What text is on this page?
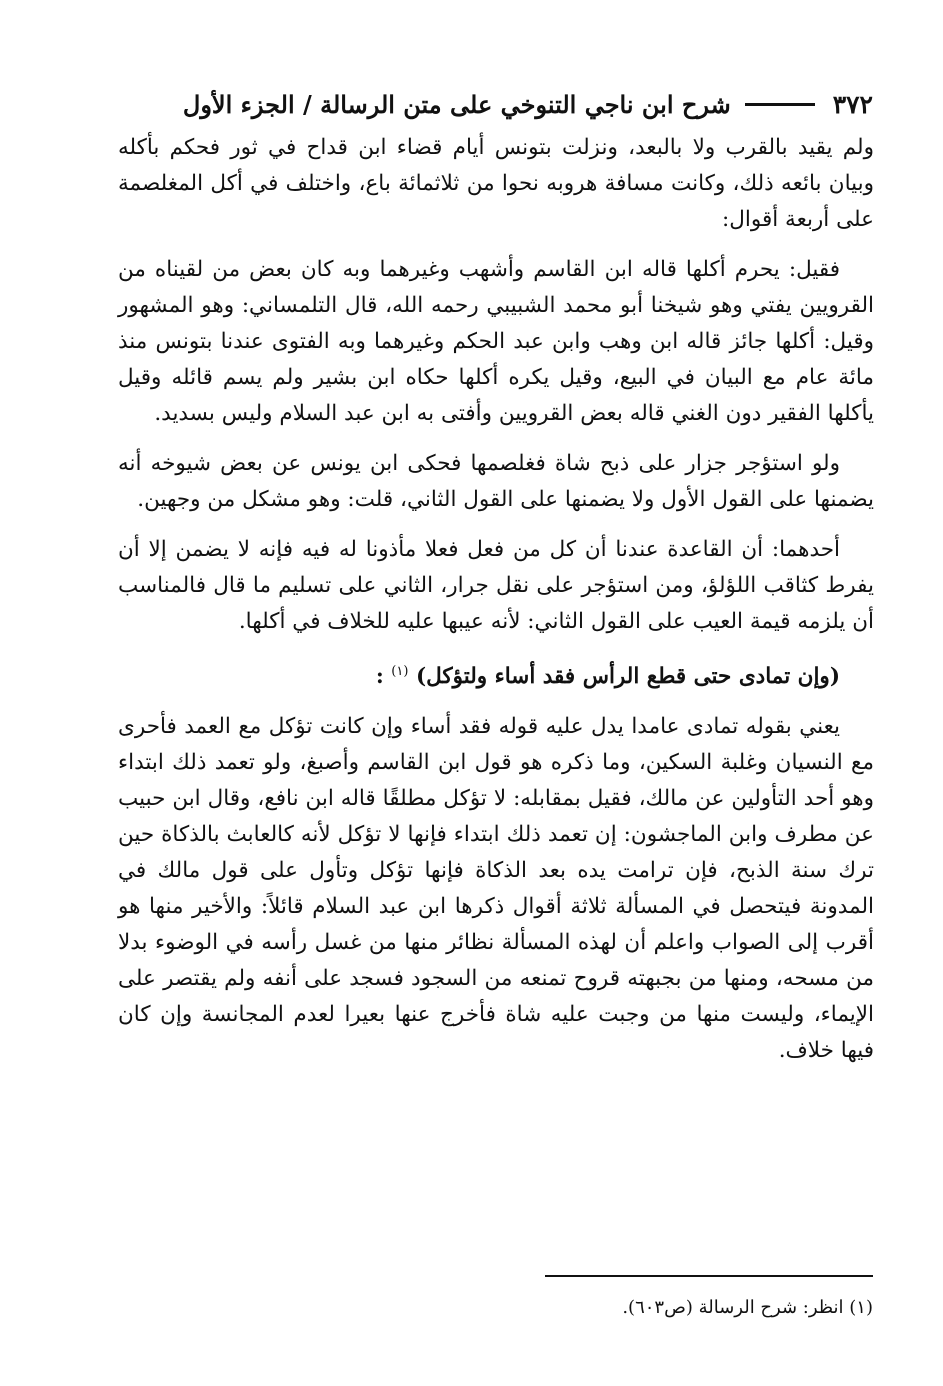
٣٧٢
شرح ابن ناجي التنوخي على متن الرسالة / الجزء الأول

ولم يقيد بالقرب ولا بالبعد، ونزلت بتونس أيام قضاء ابن قداح في ثور فحكم بأكله وبيان بائعه ذلك، وكانت مسافة هروبه نحوا من ثلاثمائة باع، واختلف في أكل المغلصمة على أربعة أقوال:

فقيل: يحرم أكلها قاله ابن القاسم وأشهب وغيرهما وبه كان بعض من لقيناه من القرويين يفتي وهو شيخنا أبو محمد الشبيبي رحمه الله، قال التلمساني: وهو المشهور وقيل: أكلها جائز قاله ابن وهب وابن عبد الحكم وغيرهما وبه الفتوى عندنا بتونس منذ مائة عام مع البيان في البيع، وقيل يكره أكلها حكاه ابن بشير ولم يسم قائله وقيل يأكلها الفقير دون الغني قاله بعض القرويين وأفتى به ابن عبد السلام وليس بسديد.

ولو استؤجر جزار على ذبح شاة فغلصمها فحكى ابن يونس عن بعض شيوخه أنه يضمنها على القول الأول ولا يضمنها على القول الثاني، قلت: وهو مشكل من وجهين.

أحدهما: أن القاعدة عندنا أن كل من فعل فعلا مأذونا له فيه فإنه لا يضمن إلا أن يفرط كثاقب اللؤلؤ، ومن استؤجر على نقل جرار، الثاني على تسليم ما قال فالمناسب أن يلزمه قيمة العيب على القول الثاني: لأنه عيبها عليه للخلاف في أكلها.

(وإن تمادى حتى قطع الرأس فقد أساء ولتؤكل) $^{(١)}$ :

يعني بقوله تمادى عامدا يدل عليه قوله فقد أساء وإن كانت تؤكل مع العمد فأحرى مع النسيان وغلبة السكين، وما ذكره هو قول ابن القاسم وأصبغ، ولو تعمد ذلك ابتداء وهو أحد التأولين عن مالك، فقيل بمقابله: لا تؤكل مطلقًا قاله ابن نافع، وقال ابن حبيب عن مطرف وابن الماجشون: إن تعمد ذلك ابتداء فإنها لا تؤكل لأنه كالعابث بالذكاة حين ترك سنة الذبح، فإن ترامت يده بعد الذكاة فإنها تؤكل وتأول على قول مالك في المدونة فيتحصل في المسألة ثلاثة أقوال ذكرها ابن عبد السلام قائلاً: والأخير منها هو أقرب إلى الصواب واعلم أن لهذه المسألة نظائر منها من غسل رأسه في الوضوء بدلا من مسحه، ومنها من بجبهته قروح تمنعه من السجود فسجد على أنفه ولم يقتصر على الإيماء، وليست منها من وجبت عليه شاة فأخرج عنها بعيرا لعدم المجانسة وإن كان فيها خلاف.

(١) انظر: شرح الرسالة (ص٦٠٣).
